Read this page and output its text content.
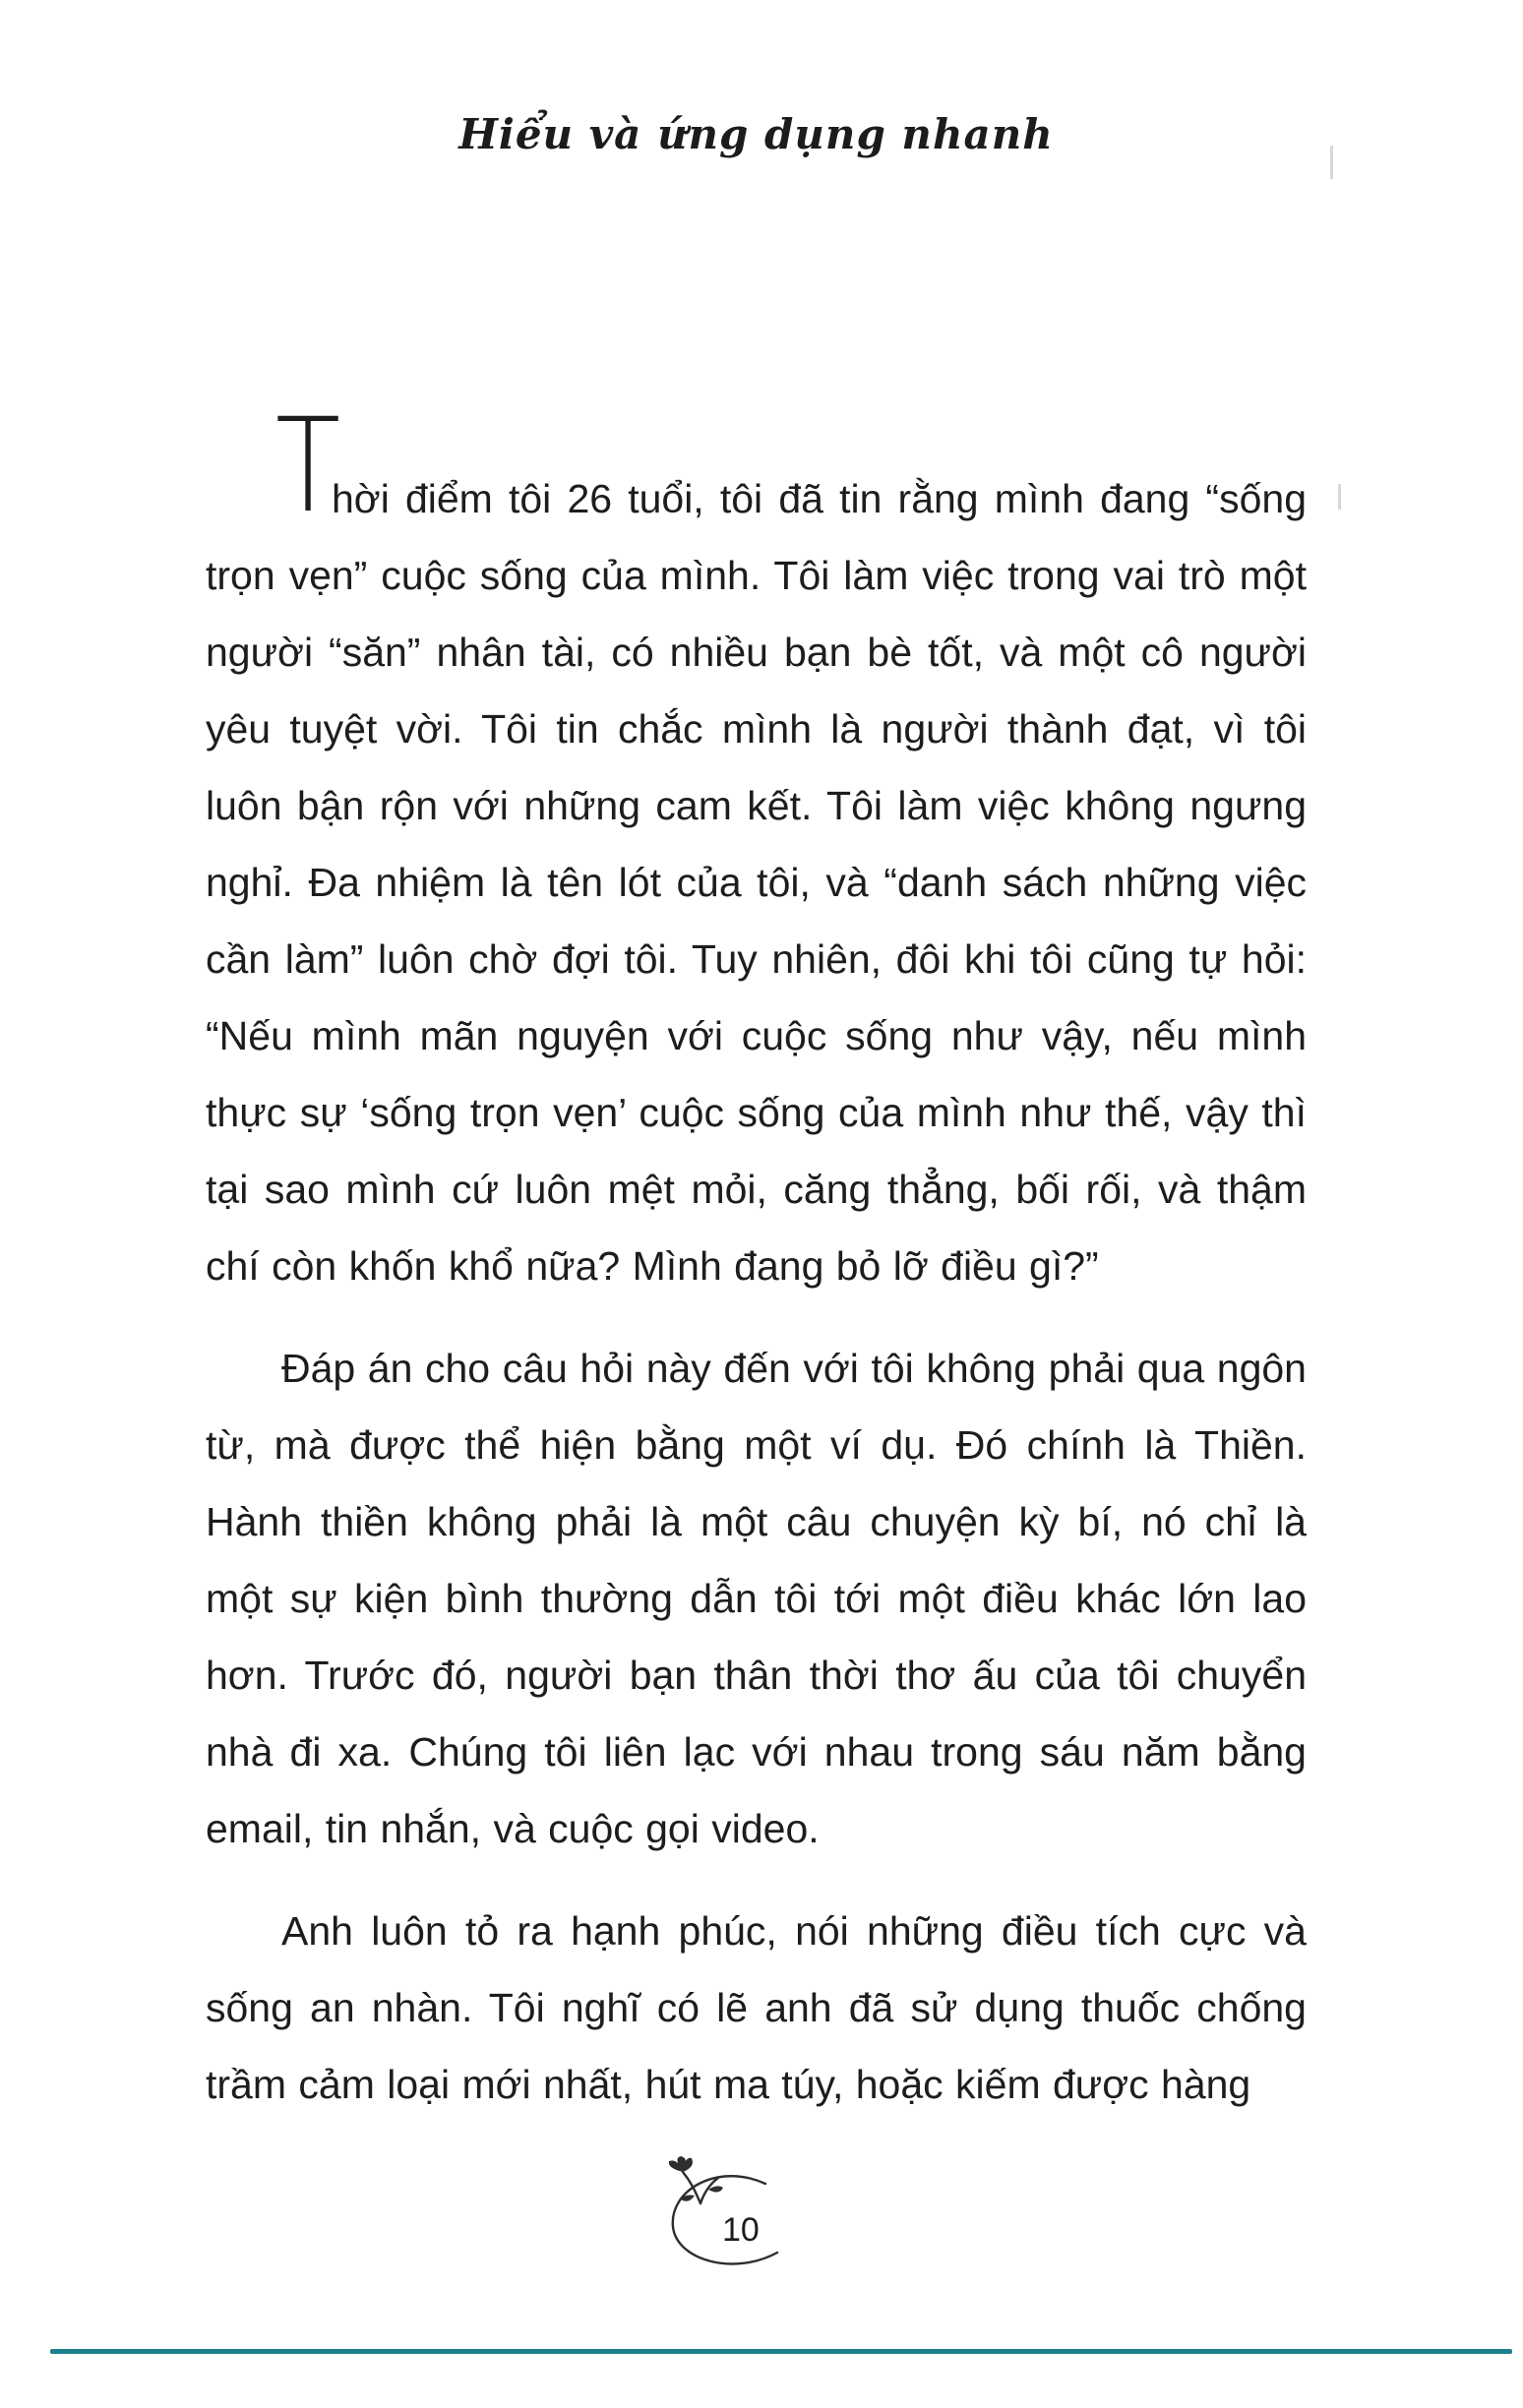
Hiểu và ứng dụng nhanh
T

hời điểm tôi 26 tuổi, tôi đã tin rằng mình đang “sống trọn vẹn” cuộc sống của mình. Tôi làm việc trong vai trò một người “săn” nhân tài, có nhiều bạn bè tốt, và một cô người yêu tuyệt vời. Tôi tin chắc mình là người thành đạt, vì tôi luôn bận rộn với những cam kết. Tôi làm việc không ngưng nghỉ. Đa nhiệm là tên lót của tôi, và “danh sách những việc cần làm” luôn chờ đợi tôi. Tuy nhiên, đôi khi tôi cũng tự hỏi: “Nếu mình mãn nguyện với cuộc sống như vậy, nếu mình thực sự ‘sống trọn vẹn’ cuộc sống của mình như thế, vậy thì tại sao mình cứ luôn mệt mỏi, căng thẳng, bối rối, và thậm chí còn khốn khổ nữa? Mình đang bỏ lỡ điều gì?”

Đáp án cho câu hỏi này đến với tôi không phải qua ngôn từ, mà được thể hiện bằng một ví dụ. Đó chính là Thiền. Hành thiền không phải là một câu chuyện kỳ bí, nó chỉ là một sự kiện bình thường dẫn tôi tới một điều khác lớn lao hơn. Trước đó, người bạn thân thời thơ ấu của tôi chuyển nhà đi xa. Chúng tôi liên lạc với nhau trong sáu năm bằng email, tin nhắn, và cuộc gọi video.

Anh luôn tỏ ra hạnh phúc, nói những điều tích cực và sống an nhàn. Tôi nghĩ có lẽ anh đã sử dụng thuốc chống trầm cảm loại mới nhất, hút ma túy, hoặc kiếm được hàng

10
